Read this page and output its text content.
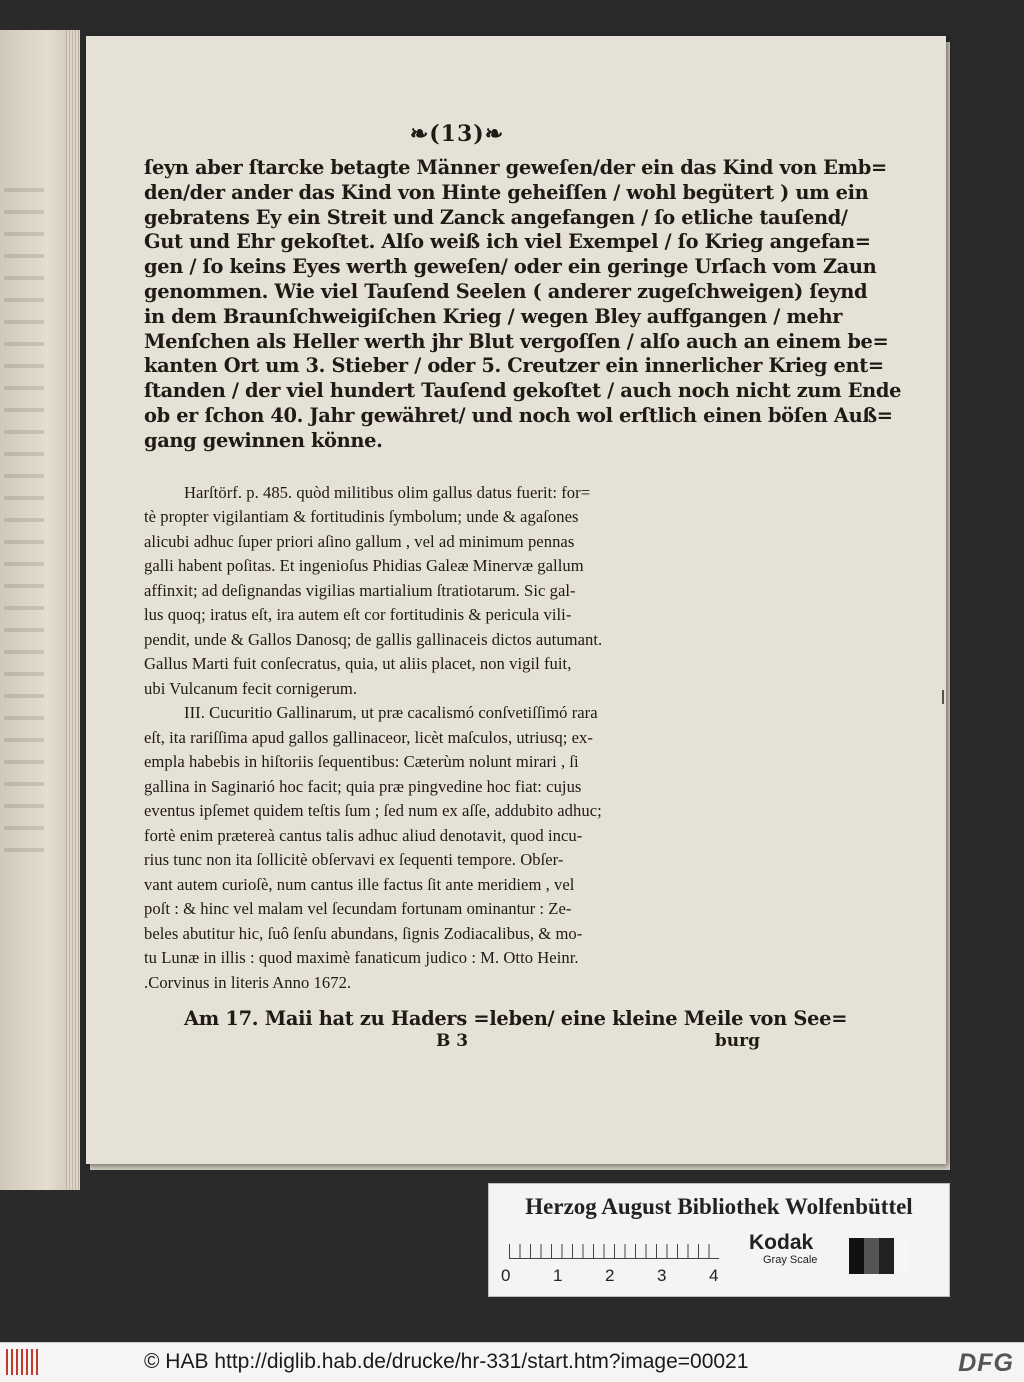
❧(13)❧
ſeyn aber ſtarcke betagte Männer geweſen/der ein das Kind von Emb=
den/der ander das Kind von Hinte geheiſſen / wohl begütert ) um ein
gebratens Ey ein Streit und Zanck angefangen / ſo etliche tauſend/
Gut und Ehr gekoſtet. Alſo weiß ich viel Exempel / ſo Krieg angefan=
gen / ſo keins Eyes werth geweſen/ oder ein geringe Urſach vom Zaun
genommen. Wie viel Tauſend Seelen ( anderer zugeſchweigen) ſeynd
in dem Braunſchweigiſchen Krieg / wegen Bley auffgangen / mehr
Menſchen als Heller werth jhr Blut vergoſſen / alſo auch an einem be=
kanten Ort um 3. Stieber / oder 5. Creutzer ein innerlicher Krieg ent=
ſtanden / der viel hundert Tauſend gekoſtet / auch noch nicht zum Ende
ob er ſchon 40. Jahr gewähret/ und noch wol erſtlich einen böſen Auß=
gang gewinnen könne.
Harſtörf. p. 485. quòd militibus olim gallus datus fuerit: for=
tè propter vigilantiam & fortitudinis ſymbolum; unde & agaſones
alicubi adhuc ſuper priori aſino gallum , vel ad minimum pennas
galli habent poſitas. Et ingenioſus Phidias Galeæ Minervæ gallum
affinxit; ad deſignandas vigilias martialium ſtratiotarum. Sic gal-
lus quoq; iratus eſt, ira autem eſt cor fortitudinis & pericula vili-
pendit, unde & Gallos Danosq; de gallis gallinaceis dictos autumant.
Gallus Marti fuit conſecratus, quia, ut aliis placet, non vigil fuit,
ubi Vulcanum fecit cornigerum.
III. Cucuritio Gallinarum, ut præ cacalismó conſvetiſſimó rara
eſt, ita rariſſima apud gallos gallinaceor, licèt maſculos, utriusq; ex-
empla habebis in hiſtoriis ſequentibus: Cæterùm nolunt mirari , ſi
gallina in Saginarió hoc facit; quia præ pingvedine hoc fiat: cujus
eventus ipſemet quidem teſtis ſum ; ſed num ex aſſe, addubito adhuc;
fortè enim prætereà cantus talis adhuc aliud denotavit, quod incu-
rius tunc non ita ſollicitè obſervavi ex ſequenti tempore. Obſer-
vant autem curioſè, num cantus ille factus ſit ante meridiem , vel
poſt : & hinc vel malam vel ſecundam fortunam ominantur : Ze-
beles abutitur hic, ſuô ſenſu abundans, ſignis Zodiacalibus, & mo-
tu Lunæ in illis : quod maximè fanaticum judico : M. Otto Heinr.
.Corvinus in literis Anno 1672.
Am 17. Maii hat zu Haders =leben/ eine kleine Meile von See=
B 3	burg
Herzog August Bibliothek Wolfenbüttel
0	1	2	3	4
Kodak
Gray Scale
© HAB http://diglib.hab.de/drucke/hr-331/start.htm?image=00021	DFG
